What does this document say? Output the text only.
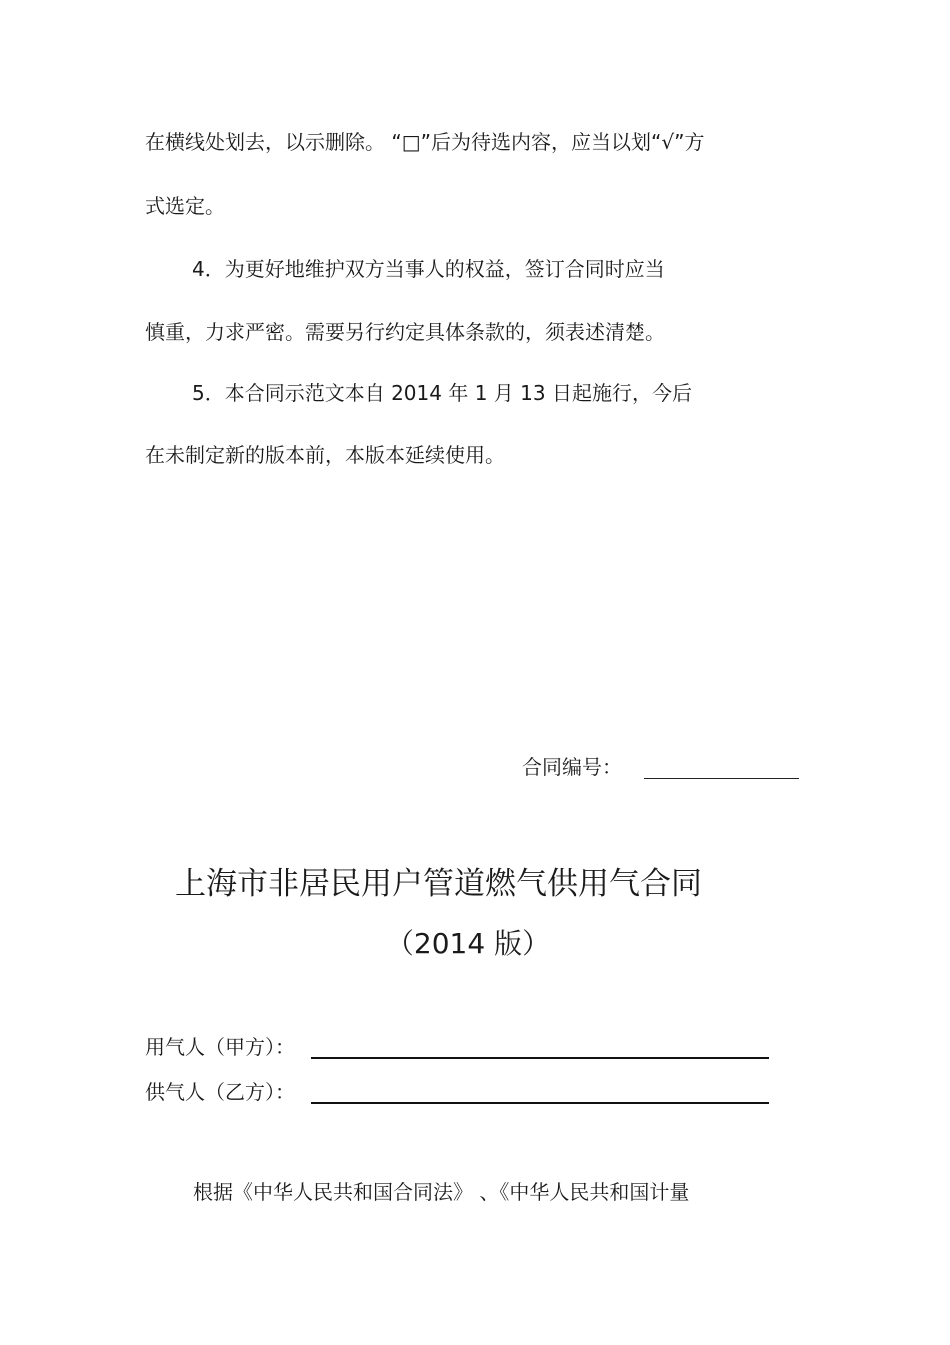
在横线处划去，以示删除。 “□”后为待选内容，应当以划“√”方
式选定。
4．为更好地维护双方当事人的权益，签订合同时应当
慎重，力求严密。需要另行约定具体条款的，须表述清楚。
5．本合同示范文本自 2014 年 1 月 13 日起施行，今后
在未制定新的版本前，本版本延续使用。
合同编号：
上海市非居民用户管道燃气供用气合同
（2014 版）
用气人（甲方）：
供气人（乙方）：
根据《中华人民共和国合同法》 、《中华人民共和国计量
